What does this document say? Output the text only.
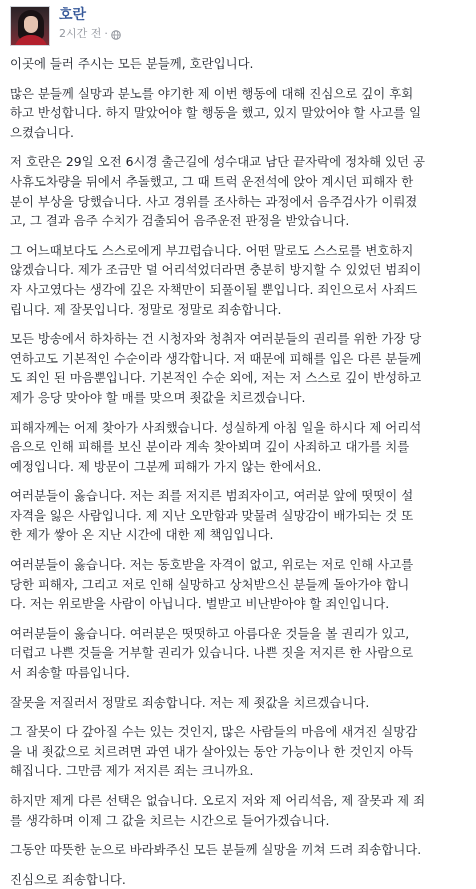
호란
2시간 전 ·

이곳에 들러 주시는 모든 분들께, 호란입니다.

많은 분들께 실망과 분노를 야기한 제 이번 행동에 대해 진심으로 깊이 후회
하고 반성합니다. 하지 말았어야 할 행동을 했고, 있지 말았어야 할 사고를 일
으켰습니다.

저 호란은 29일 오전 6시경 출근길에 성수대교 남단 끝자락에 정차해 있던 공
사휴도차량을 뒤에서 추돌했고, 그 때 트럭 운전석에 앉아 계시던 피해자 한
분이 부상을 당했습니다. 사고 경위를 조사하는 과정에서 음주검사가 이뤄졌
고, 그 결과 음주 수치가 검출되어 음주운전 판정을 받았습니다.

그 어느때보다도 스스로에게 부끄럽습니다. 어떤 말로도 스스로를 변호하지
않겠습니다. 제가 조금만 덜 어리석었더라면 충분히 방지할 수 있었던 범죄이
자 사고였다는 생각에 깊은 자책만이 되풀이될 뿐입니다. 죄인으로서 사죄드
립니다. 제 잘못입니다. 정말로 정말로 죄송합니다.

모든 방송에서 하차하는 건 시청자와 청취자 여러분들의 권리를 위한 가장 당
연하고도 기본적인 수순이라 생각합니다. 저 때문에 피해를 입은 다른 분들께
도 죄인 된 마음뿐입니다. 기본적인 수순 외에, 저는 저 스스로 깊이 반성하고
제가 응당 맞아야 할 매를 맞으며 죗값을 치르겠습니다.

피해자께는 어제 찾아가 사죄했습니다. 성실하게 아침 일을 하시다 제 어리석
음으로 인해 피해를 보신 분이라 계속 찾아뵈며 깊이 사죄하고 대가를 치를
예정입니다. 제 방문이 그분께 피해가 가지 않는 한에서요.

여러분들이 옳습니다. 저는 죄를 저지른 범죄자이고, 여러분 앞에 떳떳이 설
자격을 잃은 사람입니다. 제 지난 오만함과 맞물려 실망감이 배가되는 것 또
한 제가 쌓아 온 지난 시간에 대한 제 책임입니다.

여러분들이 옳습니다. 저는 동호받을 자격이 없고, 위로는 저로 인해 사고를
당한 피해자, 그리고 저로 인해 실망하고 상처받으신 분들께 돌아가야 합니
다. 저는 위로받을 사람이 아닙니다. 벌받고 비난받아야 할 죄인입니다.

여러분들이 옳습니다. 여러분은 떳떳하고 아름다운 것들을 볼 권리가 있고,
더럽고 나쁜 것들을 거부할 권리가 있습니다. 나쁜 짓을 저지른 한 사람으로
서 죄송할 따름입니다.

잘못을 저질러서 정말로 죄송합니다. 저는 제 죗값을 치르겠습니다.

그 잘못이 다 갚아질 수는 있는 것인지, 많은 사람들의 마음에 새겨진 실망감
을 내 죗값으로 치르려면 과연 내가 살아있는 동안 가능이나 한 것인지 아득
해집니다. 그만큼 제가 저지른 죄는 크니까요.

하지만 제게 다른 선택은 없습니다. 오로지 저와 제 어리석음, 제 잘못과 제 죄
를 생각하며 이제 그 값을 치르는 시간으로 들어가겠습니다.

그동안 따뜻한 눈으로 바라봐주신 모든 분들께 실망을 끼쳐 드려 죄송합니다.

진심으로 죄송합니다.
